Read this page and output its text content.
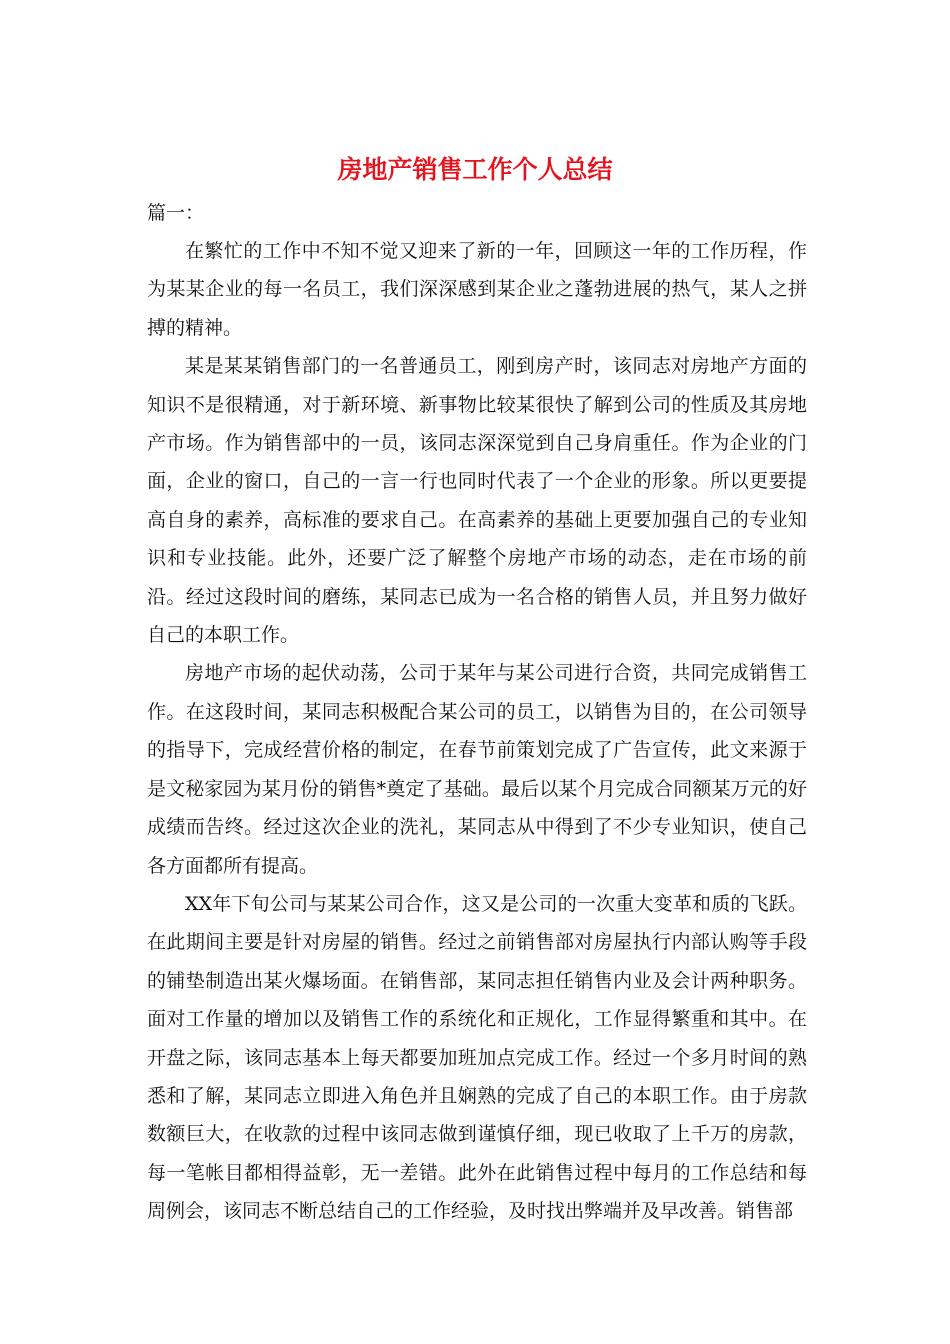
房地产销售工作个人总结
篇一：

在繁忙的工作中不知不觉又迎来了新的一年，回顾这一年的工作历程，作为某某企业的每一名员工，我们深深感到某企业之蓬勃进展的热气，某人之拼搏的精神。

某是某某销售部门的一名普通员工，刚到房产时，该同志对房地产方面的知识不是很精通，对于新环境、新事物比较某很快了解到公司的性质及其房地产市场。作为销售部中的一员，该同志深深觉到自己身肩重任。作为企业的门面，企业的窗口，自己的一言一行也同时代表了一个企业的形象。所以更要提高自身的素养，高标准的要求自己。在高素养的基础上更要加强自己的专业知识和专业技能。此外，还要广泛了解整个房地产市场的动态，走在市场的前沿。经过这段时间的磨练，某同志已成为一名合格的销售人员，并且努力做好自己的本职工作。

房地产市场的起伏动荡，公司于某年与某公司进行合资，共同完成销售工作。在这段时间，某同志积极配合某公司的员工，以销售为目的，在公司领导的指导下，完成经营价格的制定，在春节前策划完成了广告宣传，此文来源于是文秘家园为某月份的销售*奠定了基础。最后以某个月完成合同额某万元的好成绩而告终。经过这次企业的洗礼，某同志从中得到了不少专业知识，使自己各方面都所有提高。

XX年下旬公司与某某公司合作，这又是公司的一次重大变革和质的飞跃。在此期间主要是针对房屋的销售。经过之前销售部对房屋执行内部认购等手段的铺垫制造出某火爆场面。在销售部，某同志担任销售内业及会计两种职务。面对工作量的增加以及销售工作的系统化和正规化，工作显得繁重和其中。在开盘之际，该同志基本上每天都要加班加点完成工作。经过一个多月时间的熟悉和了解，某同志立即进入角色并且娴熟的完成了自己的本职工作。由于房款数额巨大，在收款的过程中该同志做到谨慎仔细，现已收取了上千万的房款，每一笔帐目都相得益彰，无一差错。此外在此销售过程中每月的工作总结和每周例会，该同志不断总结自己的工作经验，及时找出弊端并及早改善。销售部
